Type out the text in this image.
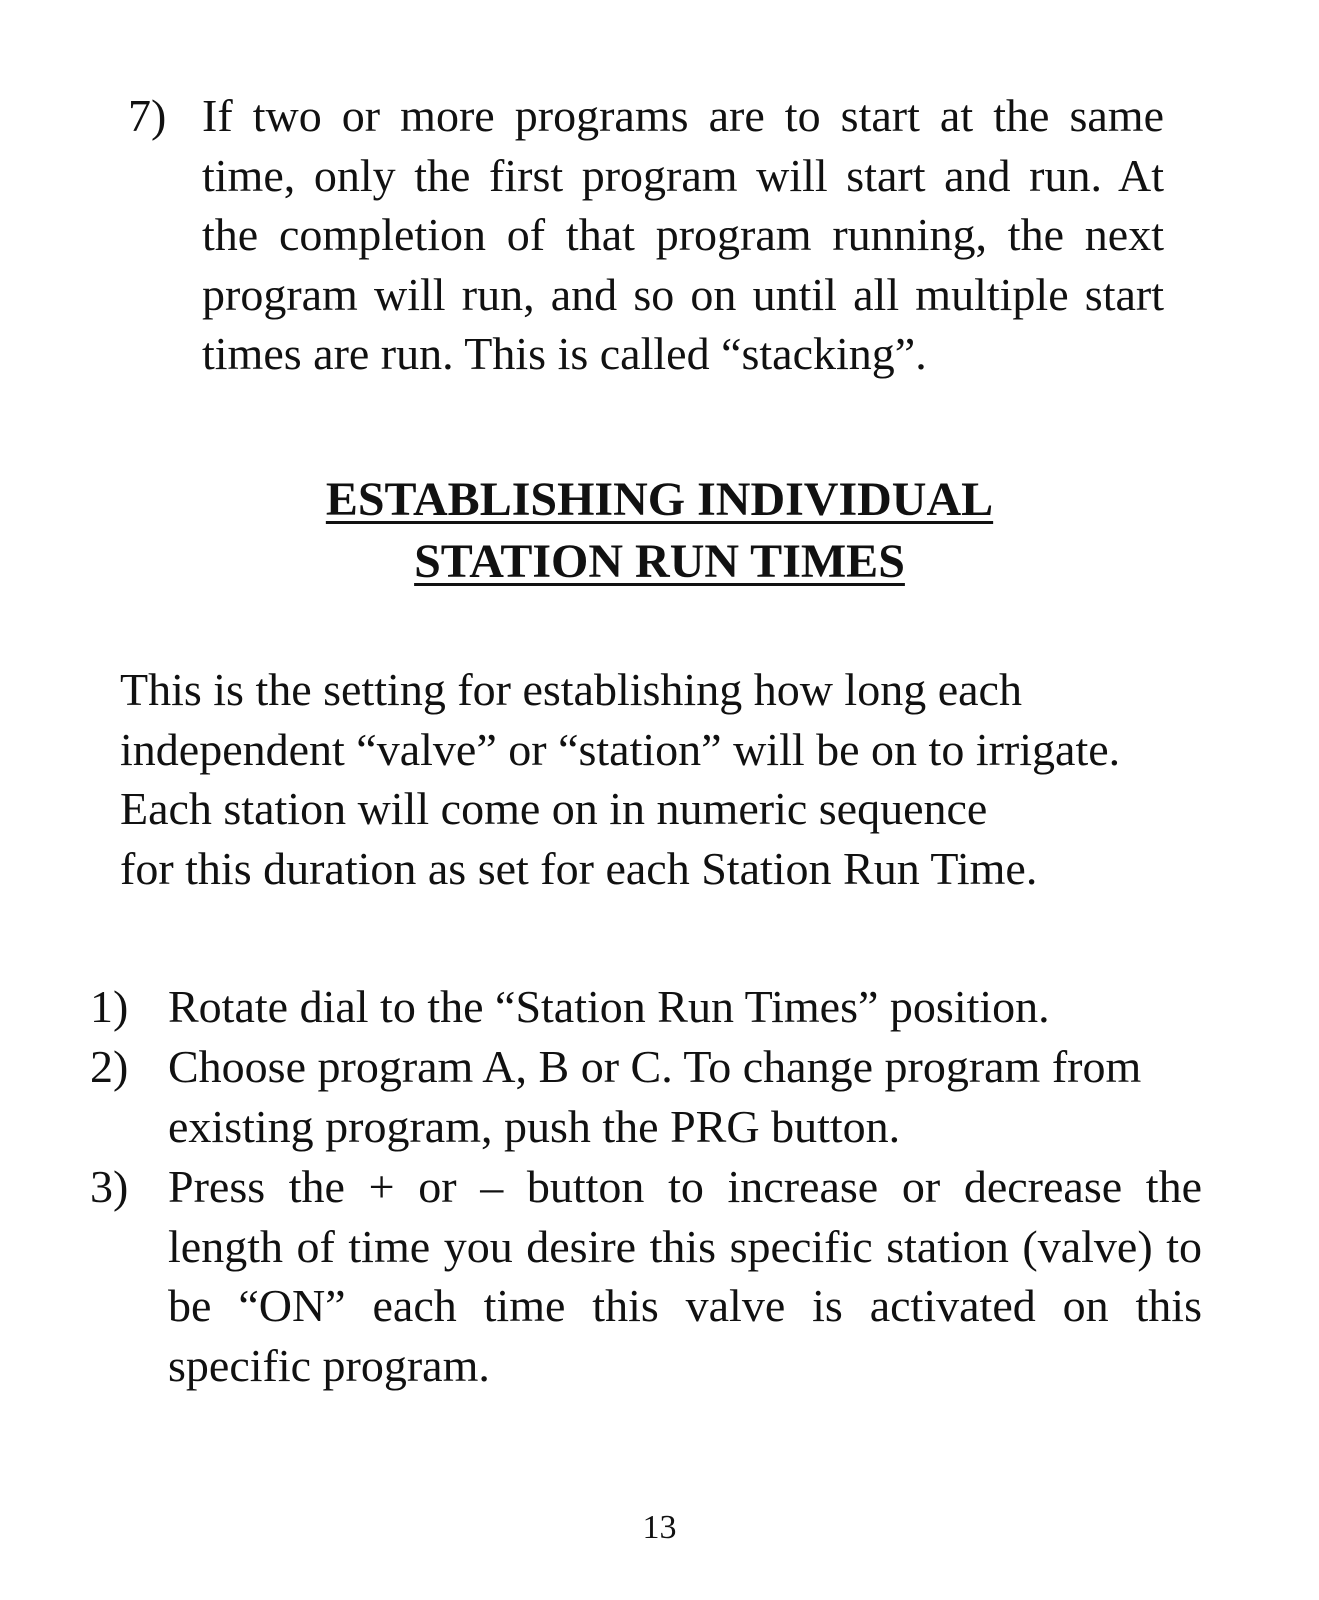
7) If two or more programs are to start at the same time, only the first program will start and run. At the completion of that program running, the next program will run, and so on until all multiple start times are run. This is called “stacking”.
ESTABLISHING INDIVIDUAL
STATION RUN TIMES
This is the setting for establishing how long each
independent “valve” or “station” will be on to irrigate.
Each station will come on in numeric sequence
for this duration as set for each Station Run Time.
1) Rotate dial to the “Station Run Times” position.
2) Choose program A, B or C. To change program from existing program, push the PRG button.
3) Press the + or – button to increase or decrease the length of time you desire this specific station (valve) to be “ON” each time this valve is activated on this specific program.
13
